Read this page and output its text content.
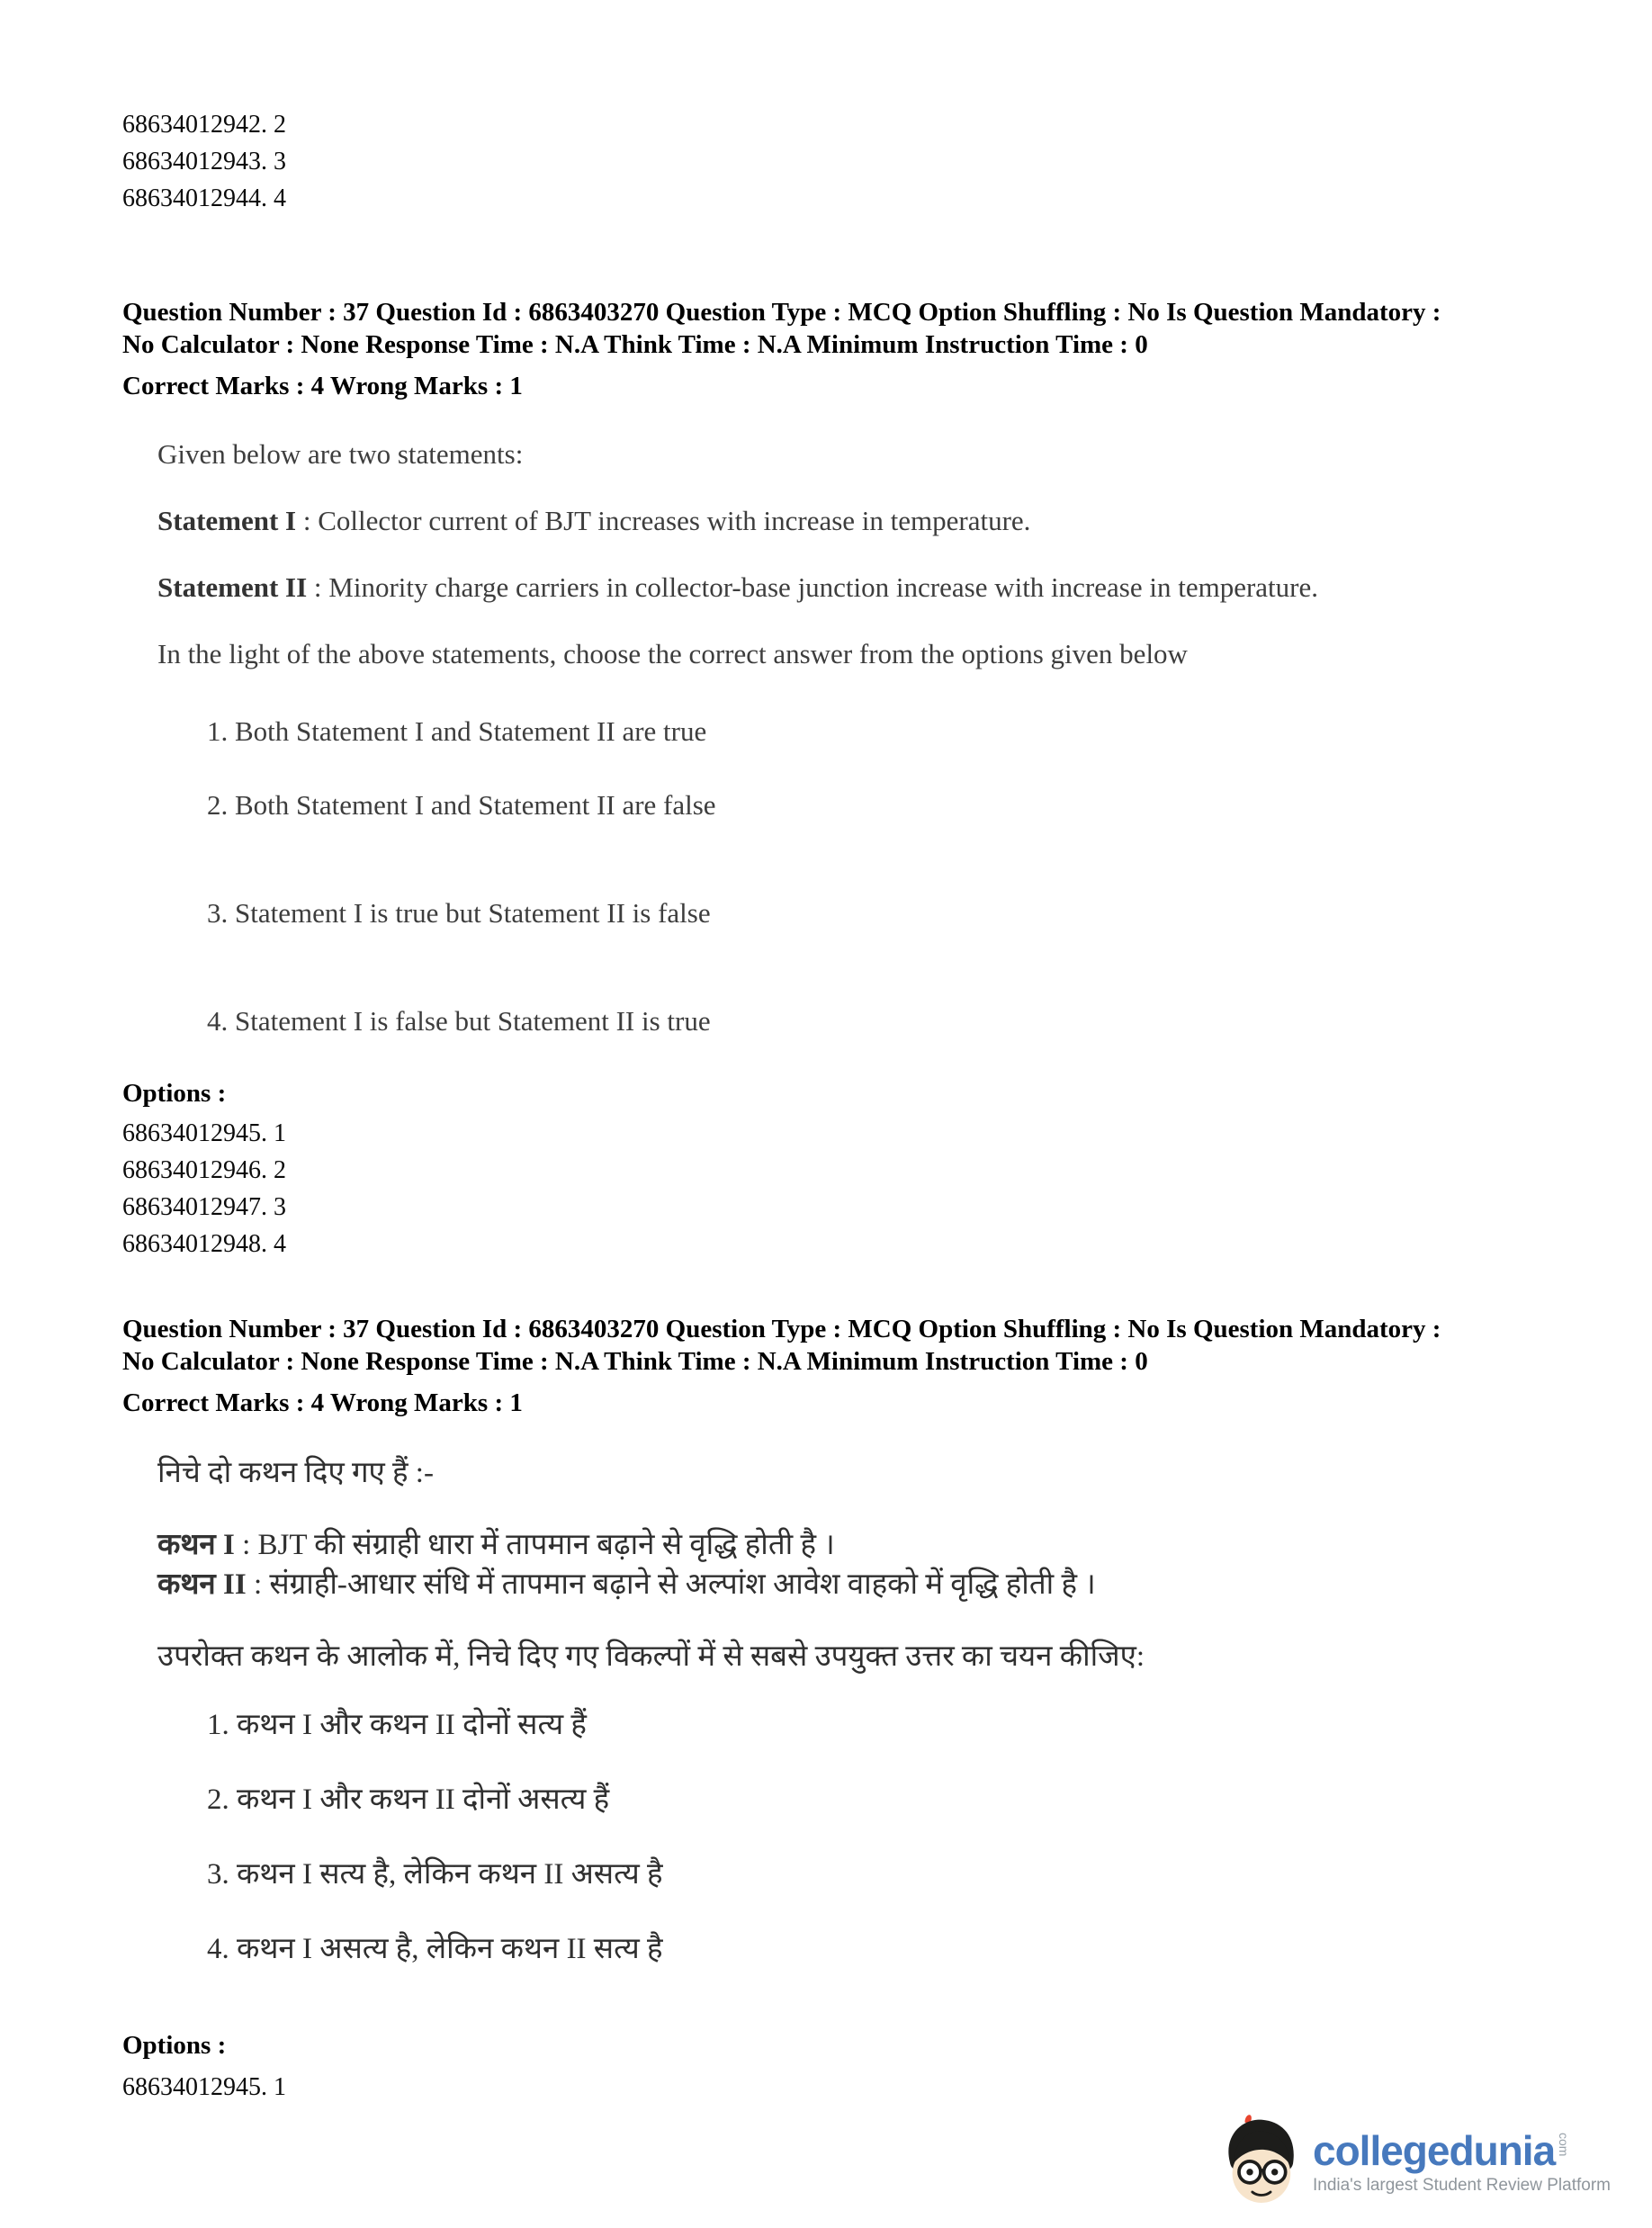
68634012942. 2
68634012943. 3
68634012944. 4
Question Number : 37 Question Id : 6863403270 Question Type : MCQ Option Shuffling : No Is Question Mandatory :
No Calculator : None Response Time : N.A Think Time : N.A Minimum Instruction Time : 0
Correct Marks : 4 Wrong Marks : 1

Given below are two statements:

Statement I : Collector current of BJT increases with increase in temperature.

Statement II : Minority charge carriers in collector-base junction increase with increase in temperature.

In the light of the above statements, choose the correct answer from the options given below

1. Both Statement I and Statement II are true

2. Both Statement I and Statement II are false

3. Statement I is true but Statement II is false

4. Statement I is false but Statement II is true

Options :
68634012945. 1
68634012946. 2
68634012947. 3
68634012948. 4
Question Number : 37 Question Id : 6863403270 Question Type : MCQ Option Shuffling : No Is Question Mandatory :
No Calculator : None Response Time : N.A Think Time : N.A Minimum Instruction Time : 0
Correct Marks : 4 Wrong Marks : 1

निचे दो कथन दिए गए हैं :-

कथन I : BJT की संग्राही धारा में तापमान बढ़ाने से वृद्धि होती है ।

कथन II : संग्राही-आधार संधि में तापमान बढ़ाने से अल्पांश आवेश वाहको में वृद्धि होती है ।

उपरोक्त कथन के आलोक में, निचे दिए गए विकल्पों में से सबसे उपयुक्त उत्तर का चयन कीजिए:

1. कथन I और कथन II दोनों सत्य हैं

2. कथन I और कथन II दोनों असत्य हैं

3. कथन I सत्य है, लेकिन कथन II असत्य है

4. कथन I असत्य है, लेकिन कथन II सत्य है

Options :
68634012945. 1
collegedunia com
India's largest Student Review Platform
